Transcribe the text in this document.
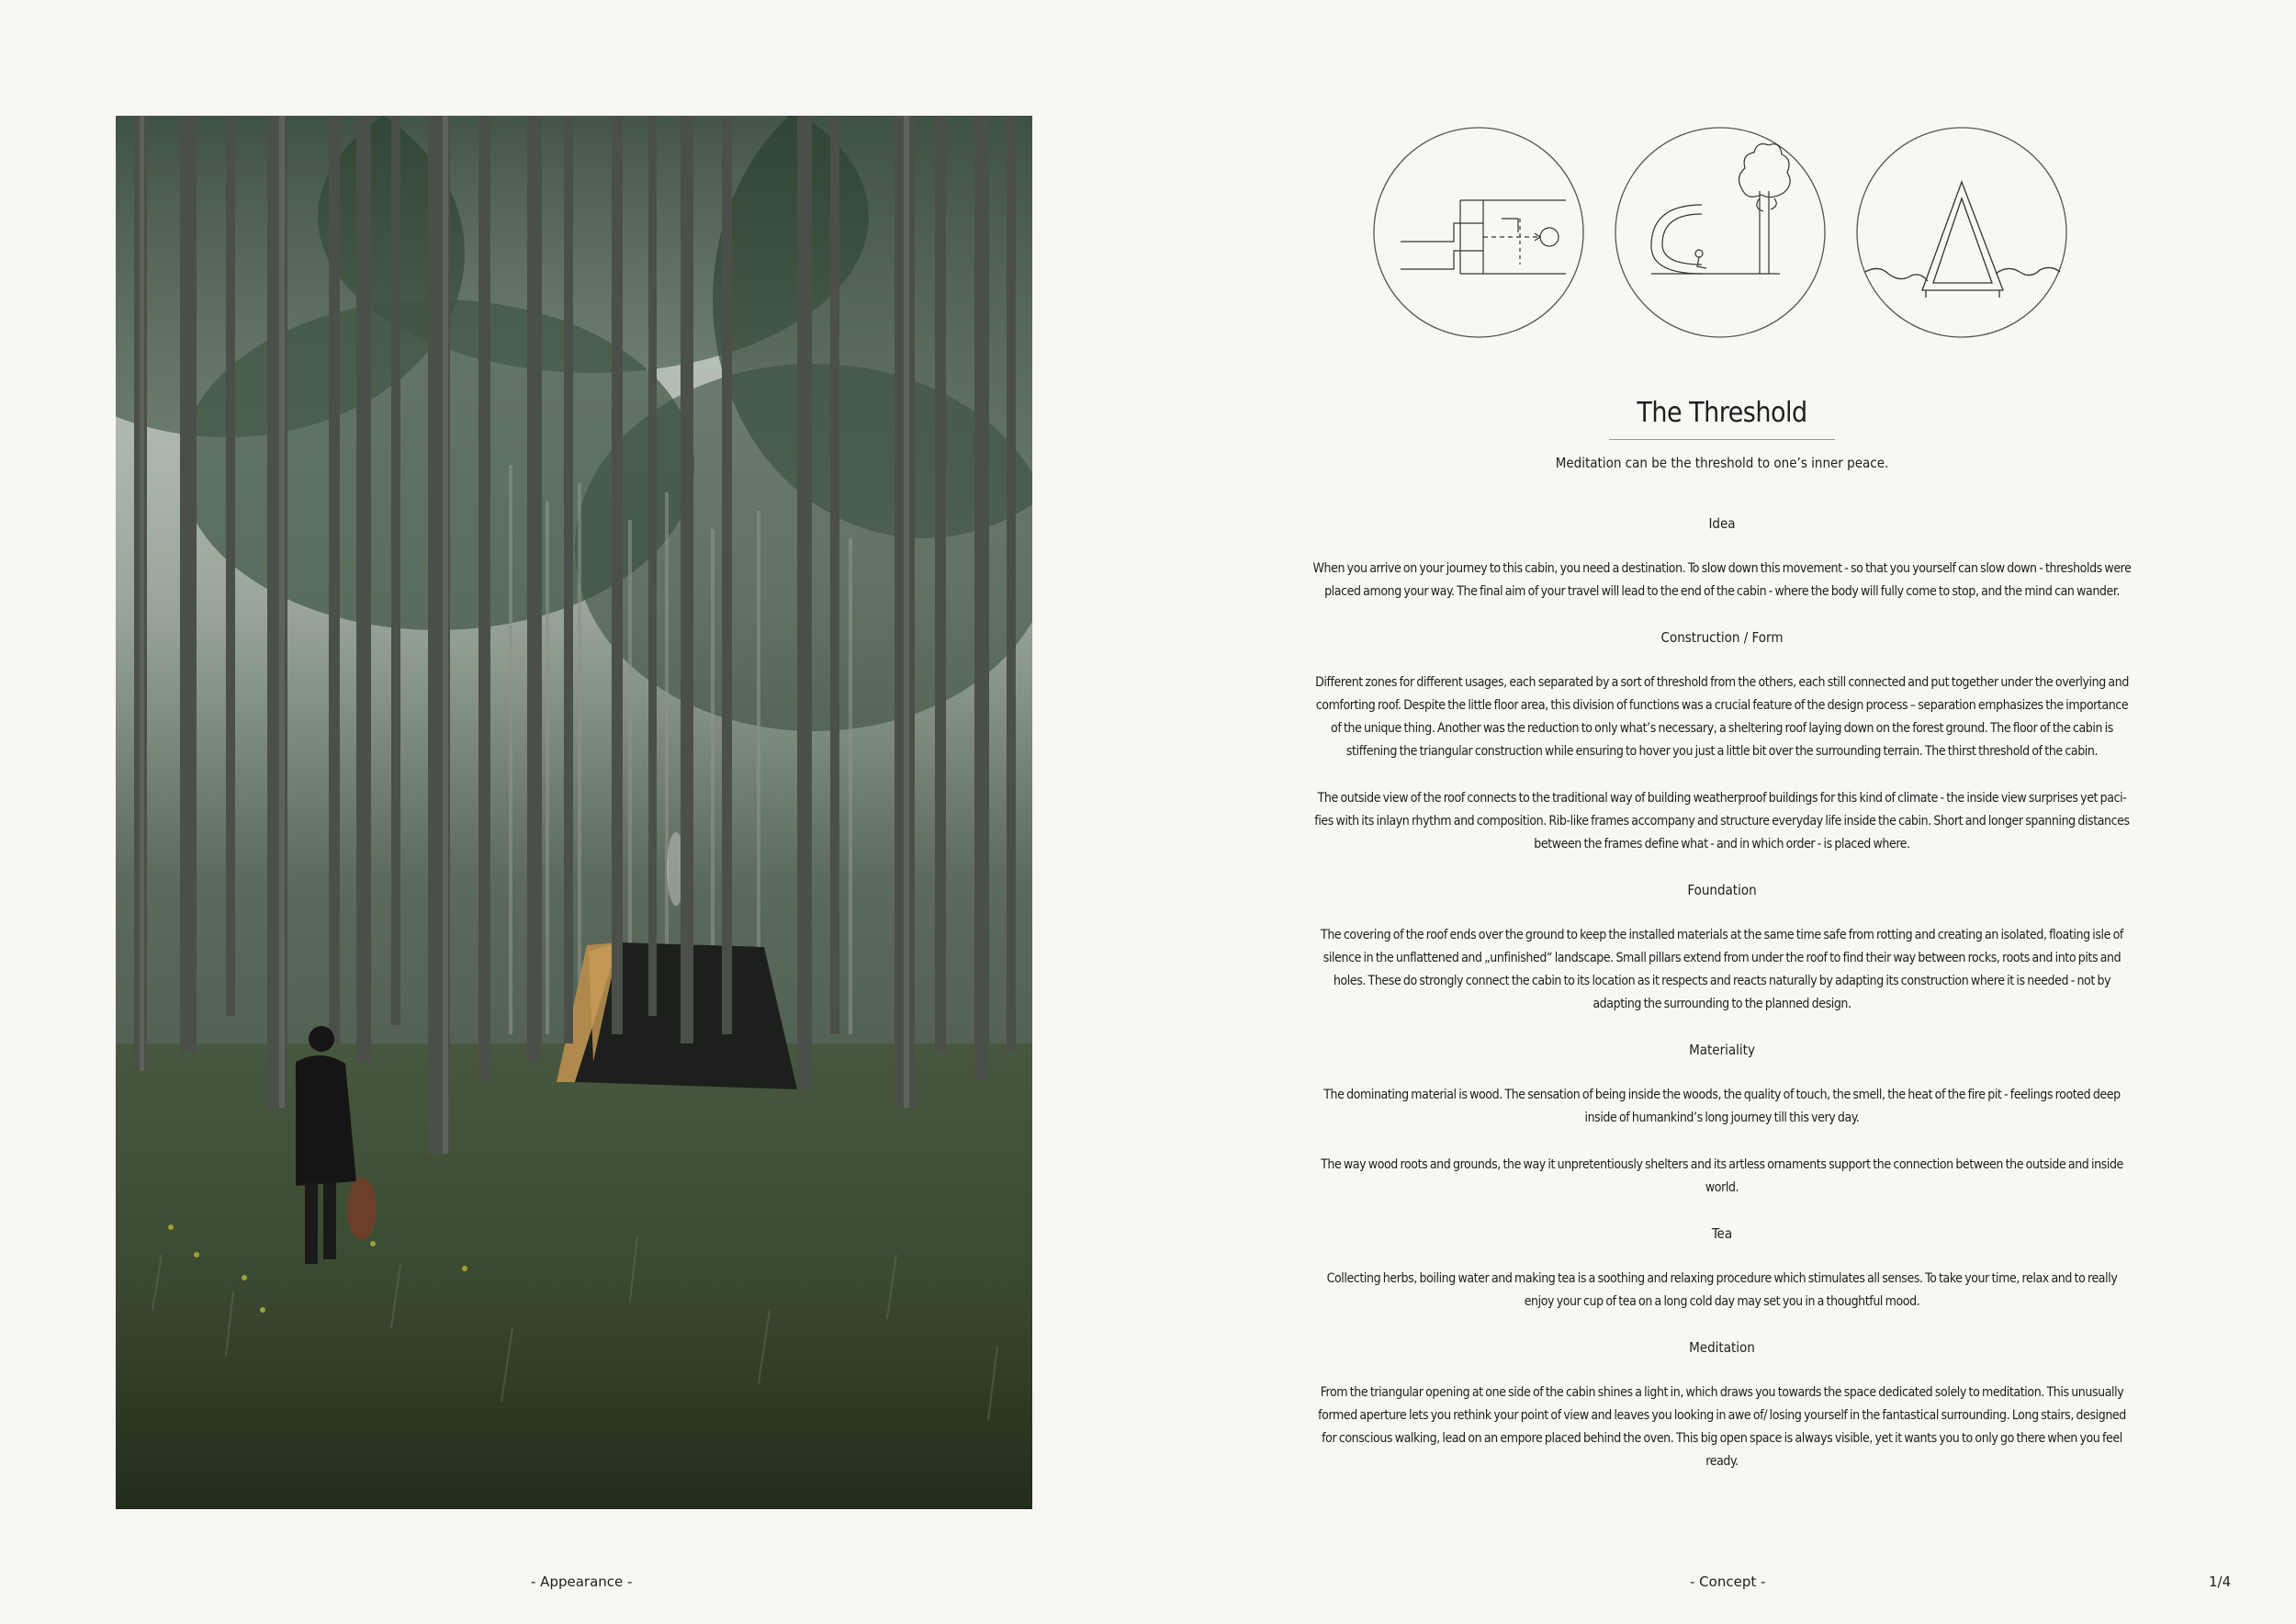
The Threshold

Meditation can be the threshold to one’s inner peace.

Idea

When you arrive on your journey to this cabin, you need a destination. To slow down this movement - so that you yourself can slow down - thresholds were placed among your way. The final aim of your travel will lead to the end of the cabin - where the body will fully come to stop, and the mind can wander.

Construction / Form

Different zones for different usages, each separated by a sort of threshold from the others, each still connected and put together under the overlying and comforting roof. Despite the little floor area, this division of functions was a crucial feature of the design process – separation emphasizes the importance of the unique thing. Another was the reduction to only what’s necessary, a sheltering roof laying down on the forest ground. The floor of the cabin is stiffening the triangular construction while ensuring to hover you just a little bit over the surrounding terrain. The thirst threshold of the cabin.

The outside view of the roof connects to the traditional way of building weatherproof buildings for this kind of climate - the inside view surprises yet paci-fies with its inlayn rhythm and composition. Rib-like frames accompany and structure everyday life inside the cabin. Short and longer spanning distances between the frames define what - and in which order - is placed where.

Foundation

The covering of the roof ends over the ground to keep the installed materials at the same time safe from rotting and creating an isolated, floating isle of silence in the unflattened and „unfinished“ landscape. Small pillars extend from under the roof to find their way between rocks, roots and into pits and holes. These do strongly connect the cabin to its location as it respects and reacts naturally by adapting its construction where it is needed - not by adapting the surrounding to the planned design.

Materiality

The dominating material is wood. The sensation of being inside the woods, the quality of touch, the smell, the heat of the fire pit - feelings rooted deep inside of humankind’s long journey till this very day.

The way wood roots and grounds, the way it unpretentiously shelters and its artless ornaments support the connection between the outside and inside world.

Tea

Collecting herbs, boiling water and making tea is a soothing and relaxing procedure which stimulates all senses. To take your time, relax and to really enjoy your cup of tea on a long cold day may set you in a thoughtful mood.

Meditation

From the triangular opening at one side of the cabin shines a light in, which draws you towards the space dedicated solely to meditation. This unusually formed aperture lets you rethink your point of view and leaves you looking in awe of/ losing yourself in the fantastical surrounding. Long stairs, designed for conscious walking, lead on an empore placed behind the oven. This big open space is always visible, yet it wants you to only go there when you feel ready.

- Appearance -	- Concept -	1/4
